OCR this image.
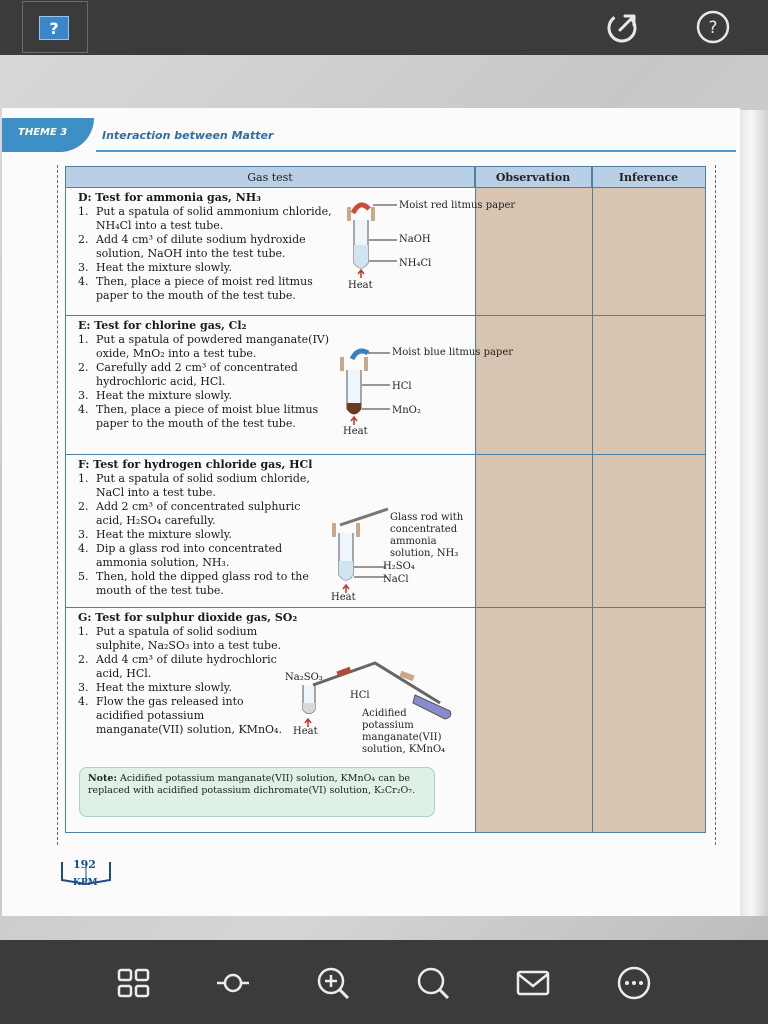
?	?
THEME 3	Interaction between Matter
Gas test	Observation	Inference
D: Test for ammonia gas, NH₃
1. Put a spatula of solid ammonium chloride, NH₄Cl into a test tube.
2. Add 4 cm³ of dilute sodium hydroxide solution, NaOH into the test tube.
3. Heat the mixture slowly.
4. Then, place a piece of moist red litmus paper to the mouth of the test tube.
Moist red litmus paper
NaOH
NH₄Cl
Heat
E: Test for chlorine gas, Cl₂
1. Put a spatula of powdered manganate(IV) oxide, MnO₂ into a test tube.
2. Carefully add 2 cm³ of concentrated hydrochloric acid, HCl.
3. Heat the mixture slowly.
4. Then, place a piece of moist blue litmus paper to the mouth of the test tube.
Moist blue litmus paper
HCl
MnO₂
Heat
F: Test for hydrogen chloride gas, HCl
1. Put a spatula of solid sodium chloride, NaCl into a test tube.
2. Add 2 cm³ of concentrated sulphuric acid, H₂SO₄ carefully.
3. Heat the mixture slowly.
4. Dip a glass rod into concentrated ammonia solution, NH₃.
5. Then, hold the dipped glass rod to the mouth of the test tube.
Glass rod with concentrated ammonia solution, NH₃
H₂SO₄
NaCl
Heat
G: Test for sulphur dioxide gas, SO₂
1. Put a spatula of solid sodium sulphite, Na₂SO₃ into a test tube.
2. Add 4 cm³ of dilute hydrochloric acid, HCl.
3. Heat the mixture slowly.
4. Flow the gas released into acidified potassium manganate(VII) solution, KMnO₄.
Na₂SO₃
HCl
Heat
Acidified potassium manganate(VII) solution, KMnO₄
Note: Acidified potassium manganate(VII) solution, KMnO₄ can be replaced with acidified potassium dichromate(VI) solution, K₂Cr₂O₇.
192
KPM
